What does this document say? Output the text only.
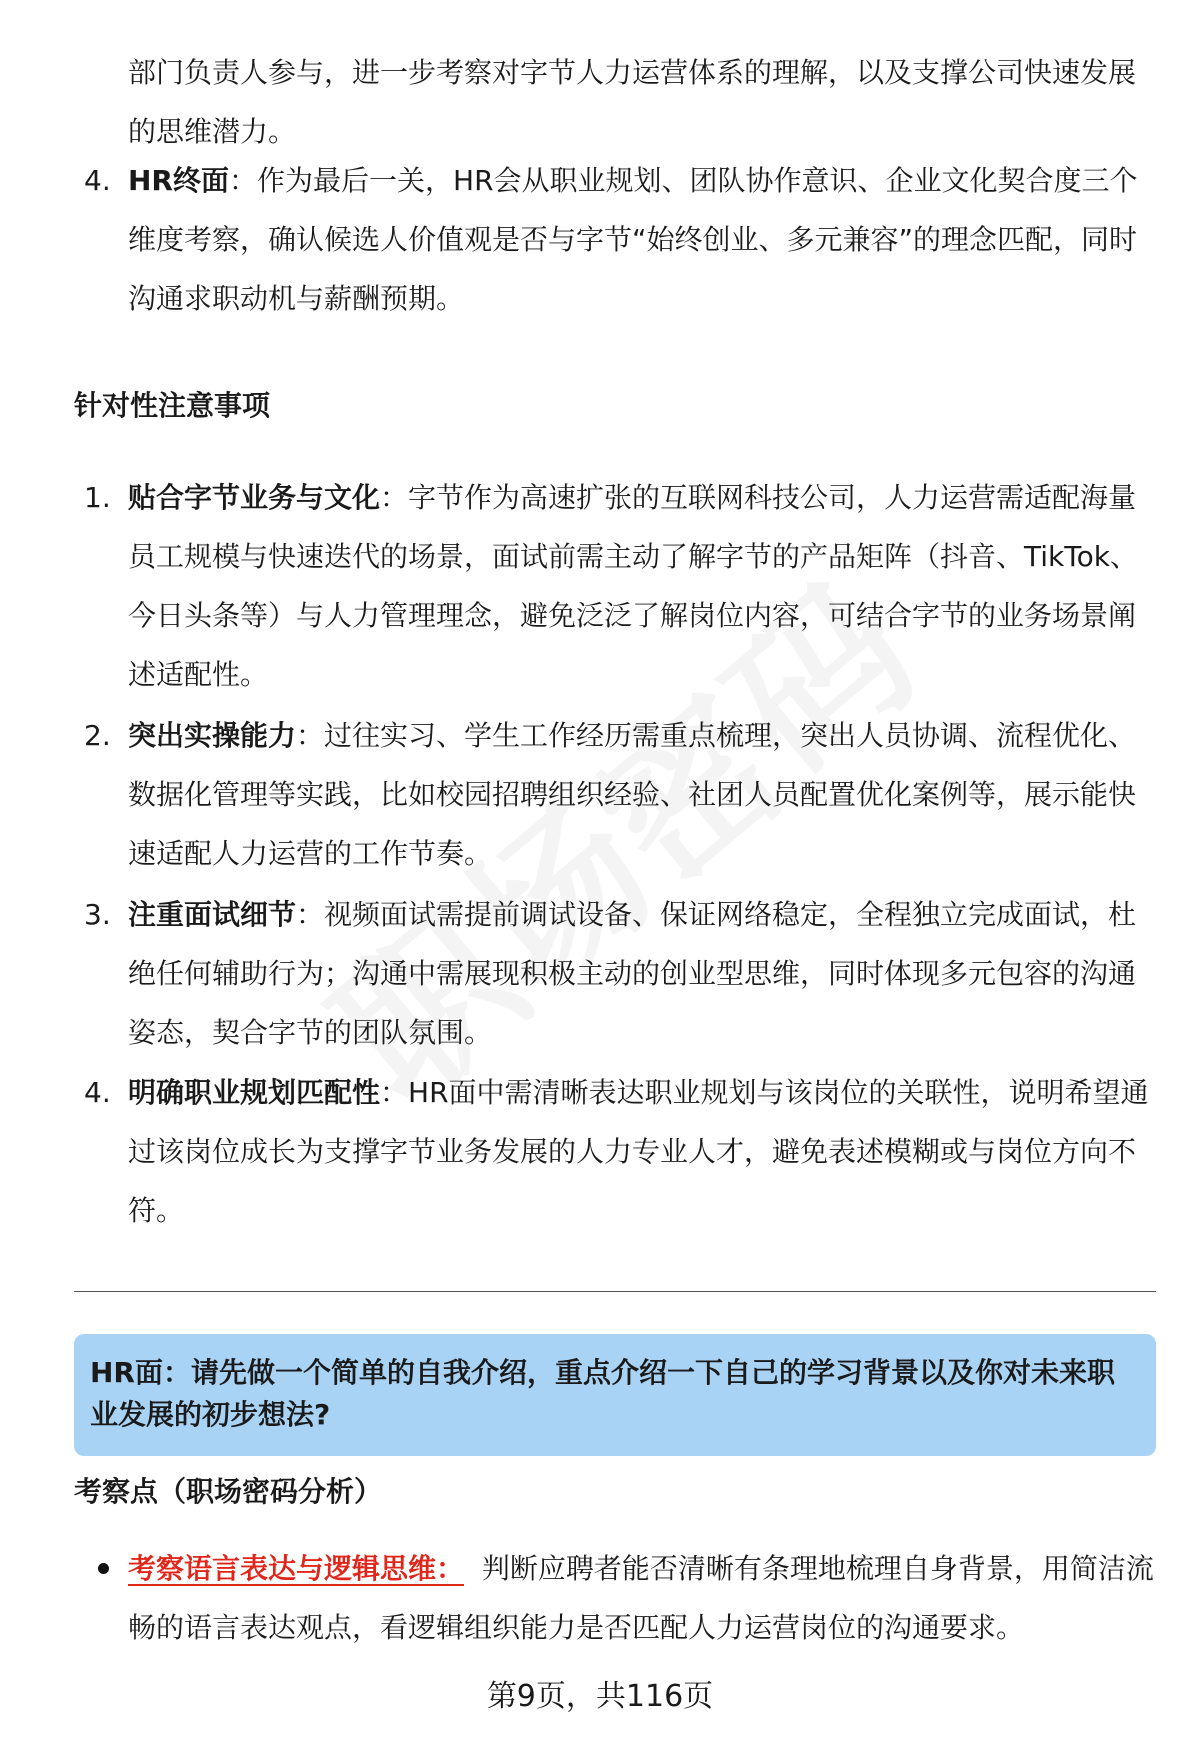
部门负责人参与，进一步考察对字节人力运营体系的理解，以及支撑公司快速发展的思维潜力。

4. HR终面：作为最后一关，HR会从职业规划、团队协作意识、企业文化契合度三个维度考察，确认候选人价值观是否与字节“始终创业、多元兼容”的理念匹配，同时沟通求职动机与薪酬预期。

针对性注意事项
1. 贴合字节业务与文化：字节作为高速扩张的互联网科技公司，人力运营需适配海量员工规模与快速迭代的场景，面试前需主动了解字节的产品矩阵（抖音、TikTok、今日头条等）与人力管理理念，避免泛泛了解岗位内容，可结合字节的业务场景阐述适配性。

2. 突出实操能力：过往实习、学生工作经历需重点梳理，突出人员协调、流程优化、数据化管理等实践，比如校园招聘组织经验、社团人员配置优化案例等，展示能快速适配人力运营的工作节奏。

3. 注重面试细节：视频面试需提前调试设备、保证网络稳定，全程独立完成面试，杜绝任何辅助行为；沟通中需展现积极主动的创业型思维，同时体现多元包容的沟通姿态，契合字节的团队氛围。

4. 明确职业规划匹配性：HR面中需清晰表达职业规划与该岗位的关联性，说明希望通过该岗位成长为支撑字节业务发展的人力专业人才，避免表述模糊或与岗位方向不符。

HR面：请先做一个简单的自我介绍，重点介绍一下自己的学习背景以及你对未来职业发展的初步想法?
考察点（职场密码分析）

考察语言表达与逻辑思维： 判断应聘者能否清晰有条理地梳理自身背景，用简洁流畅的语言表达观点，看逻辑组织能力是否匹配人力运营岗位的沟通要求。

第9页，共116页
